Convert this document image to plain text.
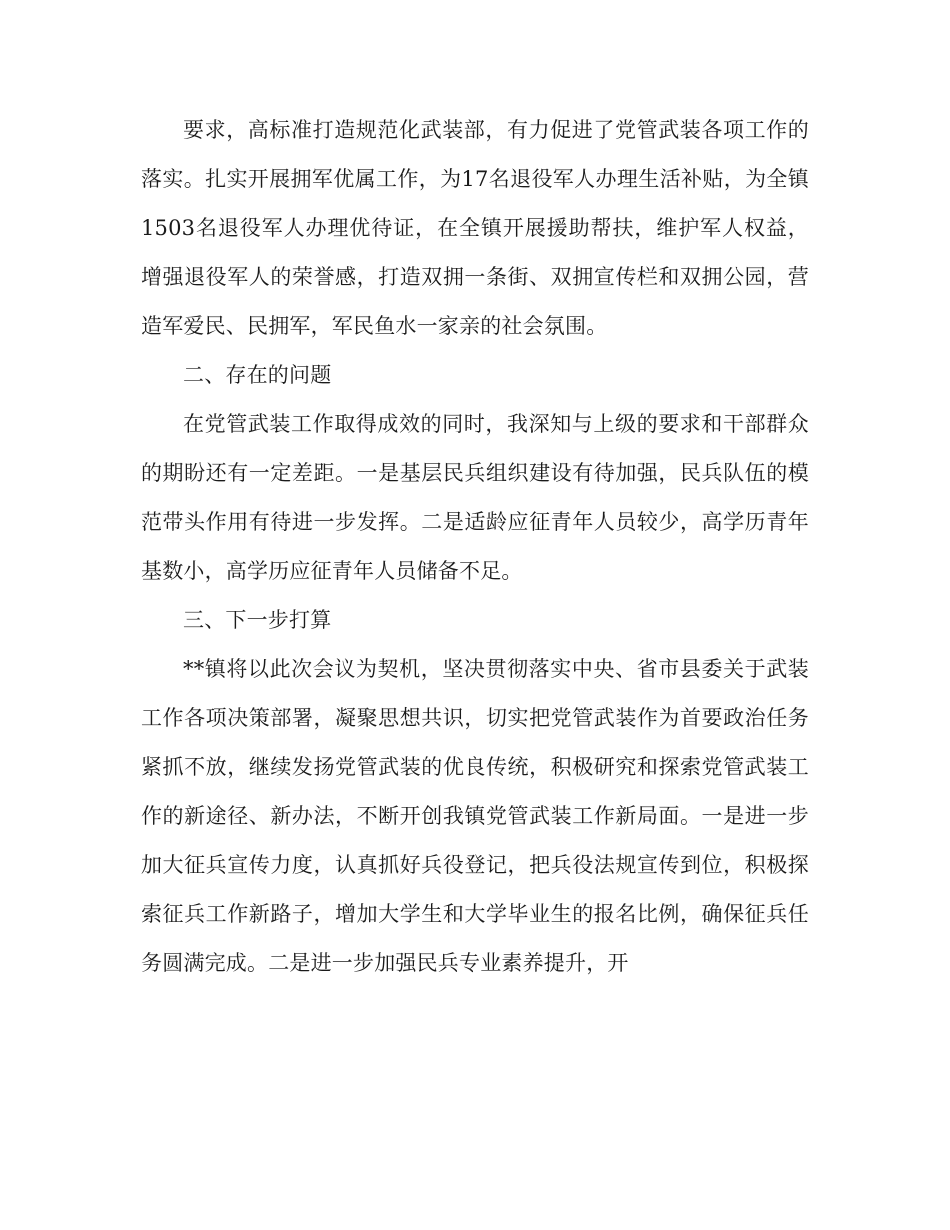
要求，高标准打造规范化武装部，有力促进了党管武装各项工作的落实。扎实开展拥军优属工作，为17名退役军人办理生活补贴，为全镇1503名退役军人办理优待证，在全镇开展援助帮扶，维护军人权益，增强退役军人的荣誉感，打造双拥一条街、双拥宣传栏和双拥公园，营造军爱民、民拥军，军民鱼水一家亲的社会氛围。

二、存在的问题

在党管武装工作取得成效的同时，我深知与上级的要求和干部群众的期盼还有一定差距。一是基层民兵组织建设有待加强，民兵队伍的模范带头作用有待进一步发挥。二是适龄应征青年人员较少，高学历青年基数小，高学历应征青年人员储备不足。

三、下一步打算

**镇将以此次会议为契机，坚决贯彻落实中央、省市县委关于武装工作各项决策部署，凝聚思想共识，切实把党管武装作为首要政治任务紧抓不放，继续发扬党管武装的优良传统，积极研究和探索党管武装工作的新途径、新办法，不断开创我镇党管武装工作新局面。一是进一步加大征兵宣传力度，认真抓好兵役登记，把兵役法规宣传到位，积极探索征兵工作新路子，增加大学生和大学毕业生的报名比例，确保征兵任务圆满完成。二是进一步加强民兵专业素养提升，开
